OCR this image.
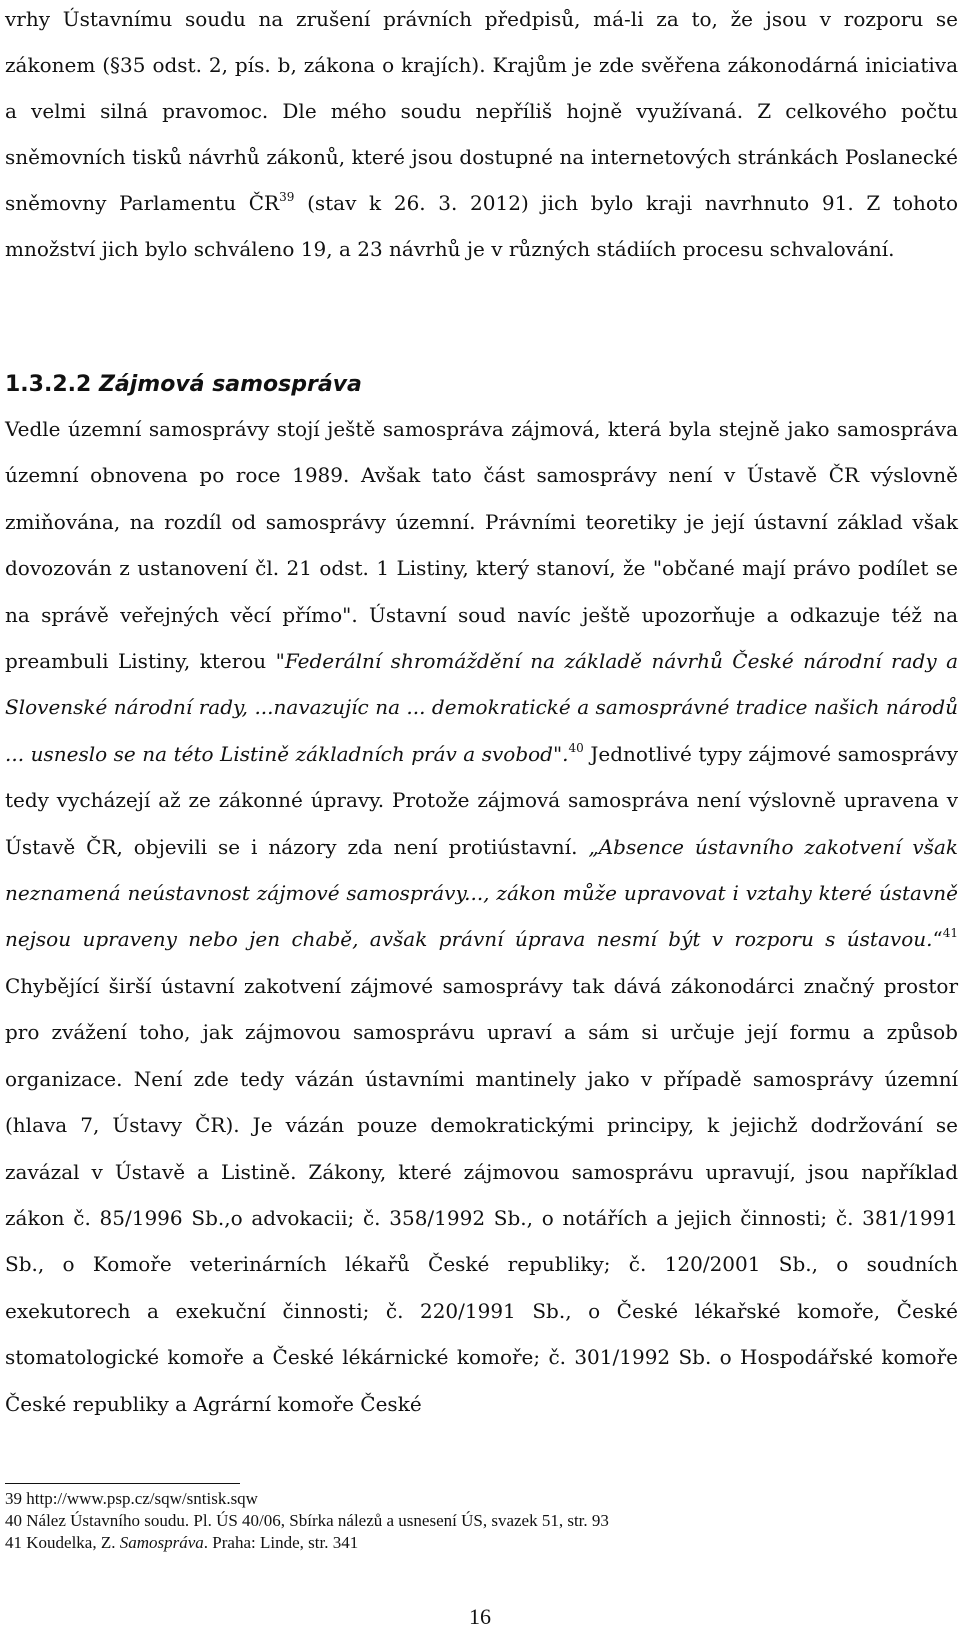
vrhy Ústavnímu soudu na zrušení právních předpisů, má-li za to, že jsou v rozporu se zákonem (§35 odst. 2, pís. b, zákona o krajích). Krajům je zde svěřena zákonodárná iniciativa a velmi silná pravomoc. Dle mého soudu nepříliš hojně využívaná. Z celkového počtu sněmovních tisků návrhů zákonů, které jsou dostupné na internetových stránkách Poslanecké sněmovny Parlamentu ČR$^{39}$ (stav k 26. 3. 2012) jich bylo kraji navrhnuto 91. Z tohoto množství jich bylo schváleno 19, a 23 návrhů je v různých stádiích procesu schvalování.

1.3.2.2 Zájmová samospráva

Vedle územní samosprávy stojí ještě samospráva zájmová, která byla stejně jako samospráva územní obnovena po roce 1989. Avšak tato část samosprávy není v Ústavě ČR výslovně zmiňována, na rozdíl od samosprávy územní. Právními teoretiky je její ústavní základ však dovozován z ustanovení čl. 21 odst. 1 Listiny, který stanoví, že "občané mají právo podílet se na správě veřejných věcí přímo". Ústavní soud navíc ještě upozorňuje a odkazuje též na preambuli Listiny, kterou "Federální shromáždění na základě návrhů České národní rady a Slovenské národní rady, ...navazujíc na ... demokratické a samosprávné tradice našich národů ... usneslo se na této Listině základních práv a svobod".$^{40}$ Jednotlivé typy zájmové samosprávy tedy vycházejí až ze zákonné úpravy. Protože zájmová samospráva není výslovně upravena v Ústavě ČR, objevili se i názory zda není protiústavní. „Absence ústavního zakotvení však neznamená neústavnost zájmové samosprávy..., zákon může upravovat i vztahy které ústavně nejsou upraveny nebo jen chabě, avšak právní úprava nesmí být v rozporu s ústavou.“$^{41}$ Chybějící širší ústavní zakotvení zájmové samosprávy tak dává zákonodárci značný prostor pro zvážení toho, jak zájmovou samosprávu upraví a sám si určuje její formu a způsob organizace. Není zde tedy vázán ústavními mantinely jako v případě samosprávy územní (hlava 7, Ústavy ČR). Je vázán pouze demokratickými principy, k jejichž dodržování se zavázal v Ústavě a Listině. Zákony, které zájmovou samosprávu upravují, jsou například zákon č. 85/1996 Sb.,o advokacii; č. 358/1992 Sb., o notářích a jejich činnosti; č. 381/1991 Sb., o Komoře veterinárních lékařů České republiky; č. 120/2001 Sb., o soudních exekutorech a exekuční činnosti; č. 220/1991 Sb., o České lékařské komoře, České stomatologické komoře a České lékárnické komoře; č. 301/1992 Sb. o Hospodářské komoře České republiky a Agrární komoře České

39 http://www.psp.cz/sqw/sntisk.sqw
40 Nález Ústavního soudu. Pl. ÚS 40/06, Sbírka nálezů a usnesení ÚS, svazek 51, str. 93
41 Koudelka, Z. Samospráva. Praha: Linde, str. 341
16
